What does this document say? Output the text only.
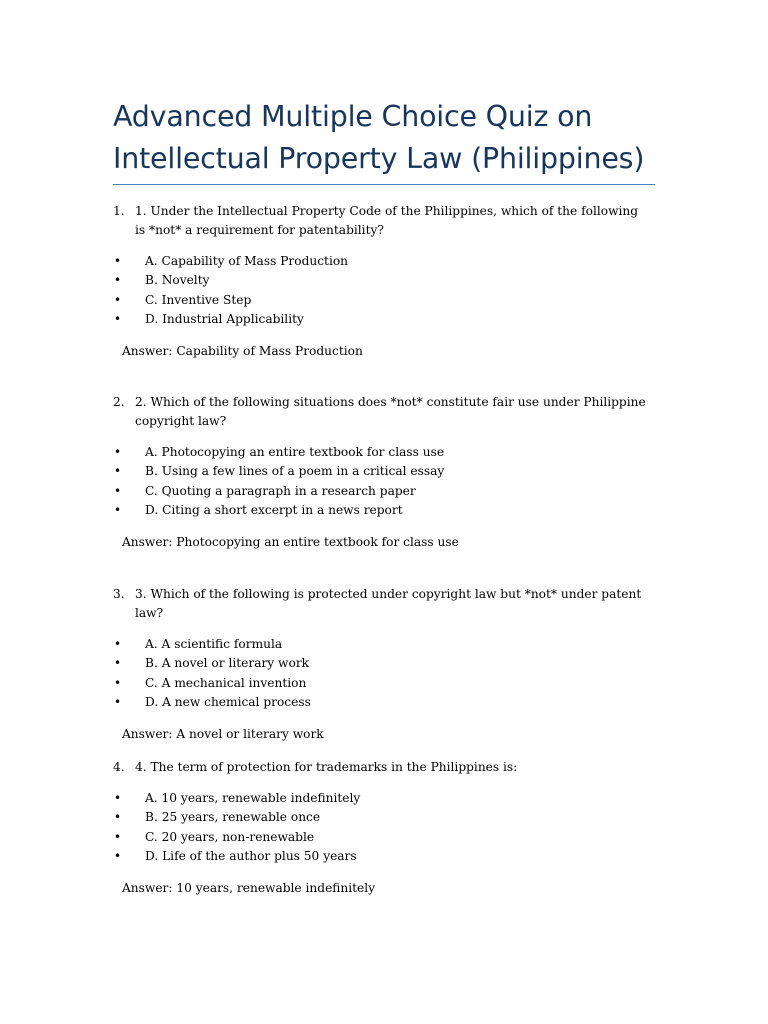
Advanced Multiple Choice Quiz on Intellectual Property Law (Philippines)
1. 1. Under the Intellectual Property Code of the Philippines, which of the following is *not* a requirement for patentability?
•	A. Capability of Mass Production
•	B. Novelty
•	C. Inventive Step
•	D. Industrial Applicability
Answer: Capability of Mass Production
2. 2. Which of the following situations does *not* constitute fair use under Philippine copyright law?
•	A. Photocopying an entire textbook for class use
•	B. Using a few lines of a poem in a critical essay
•	C. Quoting a paragraph in a research paper
•	D. Citing a short excerpt in a news report
Answer: Photocopying an entire textbook for class use
3. 3. Which of the following is protected under copyright law but *not* under patent law?
•	A. A scientific formula
•	B. A novel or literary work
•	C. A mechanical invention
•	D. A new chemical process
Answer: A novel or literary work
4. 4. The term of protection for trademarks in the Philippines is:
•	A. 10 years, renewable indefinitely
•	B. 25 years, renewable once
•	C. 20 years, non-renewable
•	D. Life of the author plus 50 years
Answer: 10 years, renewable indefinitely
